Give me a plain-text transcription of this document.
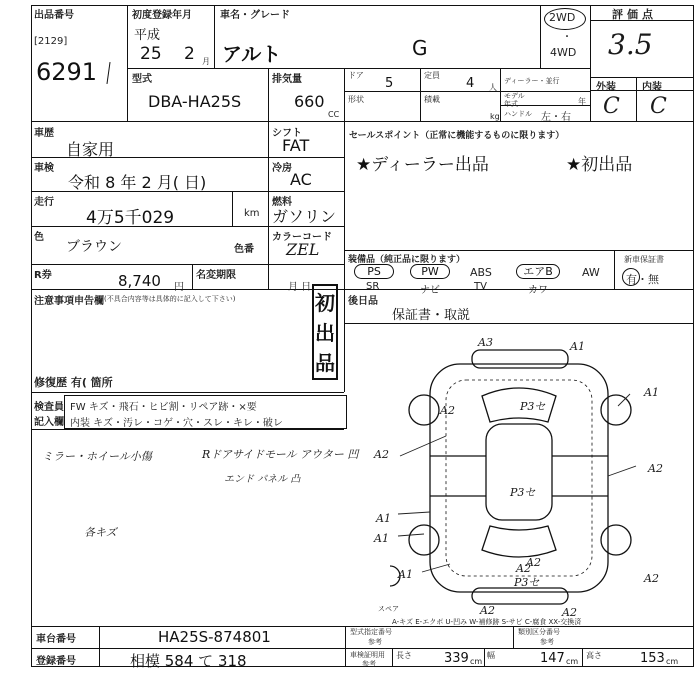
出品番号
[2129]
6291
初度登録年月
平成
25 2 月
車名・グレード
アルト	G
2WD
・
4WD
評価点
3.5
型式
DBA-HA25S
排気量
660
CC
ドア
5
定員
4 人
ディーラー・並行
形状	積載
kg
モデル年式	年
ハンドル 左・右
外装	内装
C C
車歴
自家用
シフト
FAT
車検
令和 8 年 2 月( 日)
冷房
AC
走行
4万5千029	km
燃料
ガソリン
色
ブラウン	色番
カラーコード
ZEL
R券	8,740 円
名変期限
月 日
セールスポイント（正常に機能するものに限ります）
★ディーラー出品	★初出品
装備品（純正品に限ります）
PS	PW	ABS	エアB	AW
SR	ナビ	TV	カワ
新車保証書
有・無
注意事項申告欄 (不具合内容等は具体的に記入して下さい)	初出品
修復歴 有( 箇所
後日品
保証書・取説
検査員
記入欄
FW キズ・飛石・ヒビ割・リペア跡・×要
内装 キズ・汚レ・コゲ・穴・スレ・キレ・破レ
ミラー・ホイール小傷	Rドアサイドモール アウター 凹
エンド パネル 凸
各キズ
A3	A1
P3セ
A2
A1
A2
P3セ
A1
A1
A2
A2
A2
P3セ
A1	A2
A2	A2
スペア
A-キズ E-エクボ U-凹み W-補修跡 S-サビ C-腐食 XX-交換済
車台番号	HA25S-874801
登録番号	相模 584 て 318
型式指定番号
参考
類別区分番号
参考
車検証明用
参考
長さ 339 cm
幅	147 cm
高さ	153 cm
